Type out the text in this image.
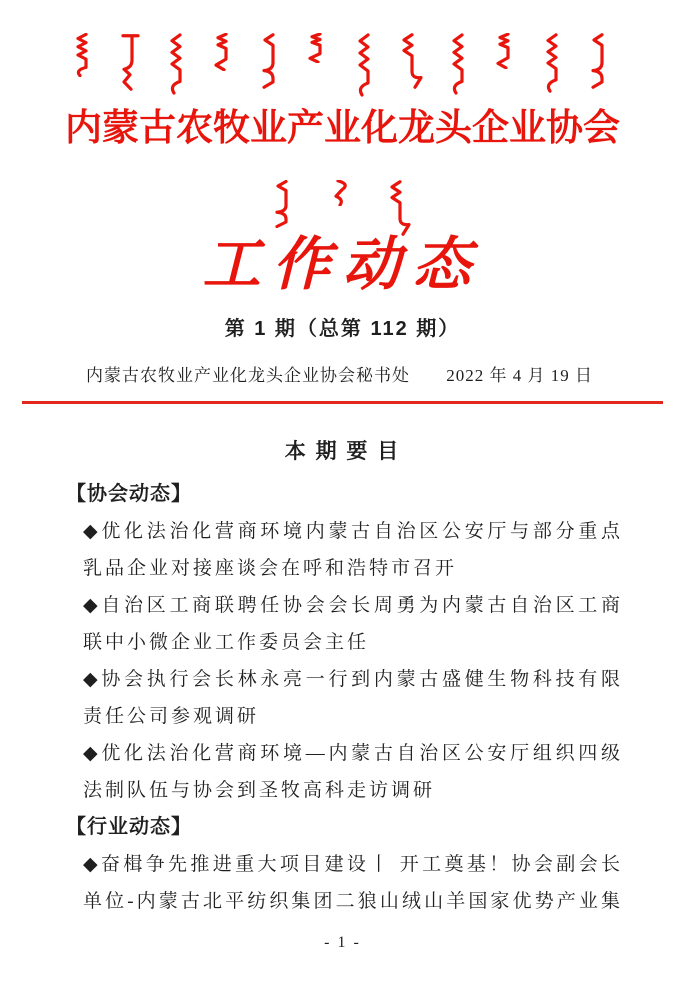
内蒙古农牧业产业化龙头企业协会
工作动态
第 1 期（总第 112 期）
内蒙古农牧业产业化龙头企业协会秘书处 2022 年 4 月 19 日
本 期 要 目
【协会动态】
◆优化法治化营商环境内蒙古自治区公安厅与部分重点
乳品企业对接座谈会在呼和浩特市召开
◆自治区工商联聘任协会会长周勇为内蒙古自治区工商
联中小微企业工作委员会主任
◆协会执行会长林永亮一行到内蒙古盛健生物科技有限
责任公司参观调研
◆优化法治化营商环境—内蒙古自治区公安厅组织四级
法制队伍与协会到圣牧高科走访调研
【行业动态】
◆奋楫争先推进重大项目建设丨 开工奠基！协会副会长
单位-内蒙古北平纺织集团二狼山绒山羊国家优势产业集
- 1 -
